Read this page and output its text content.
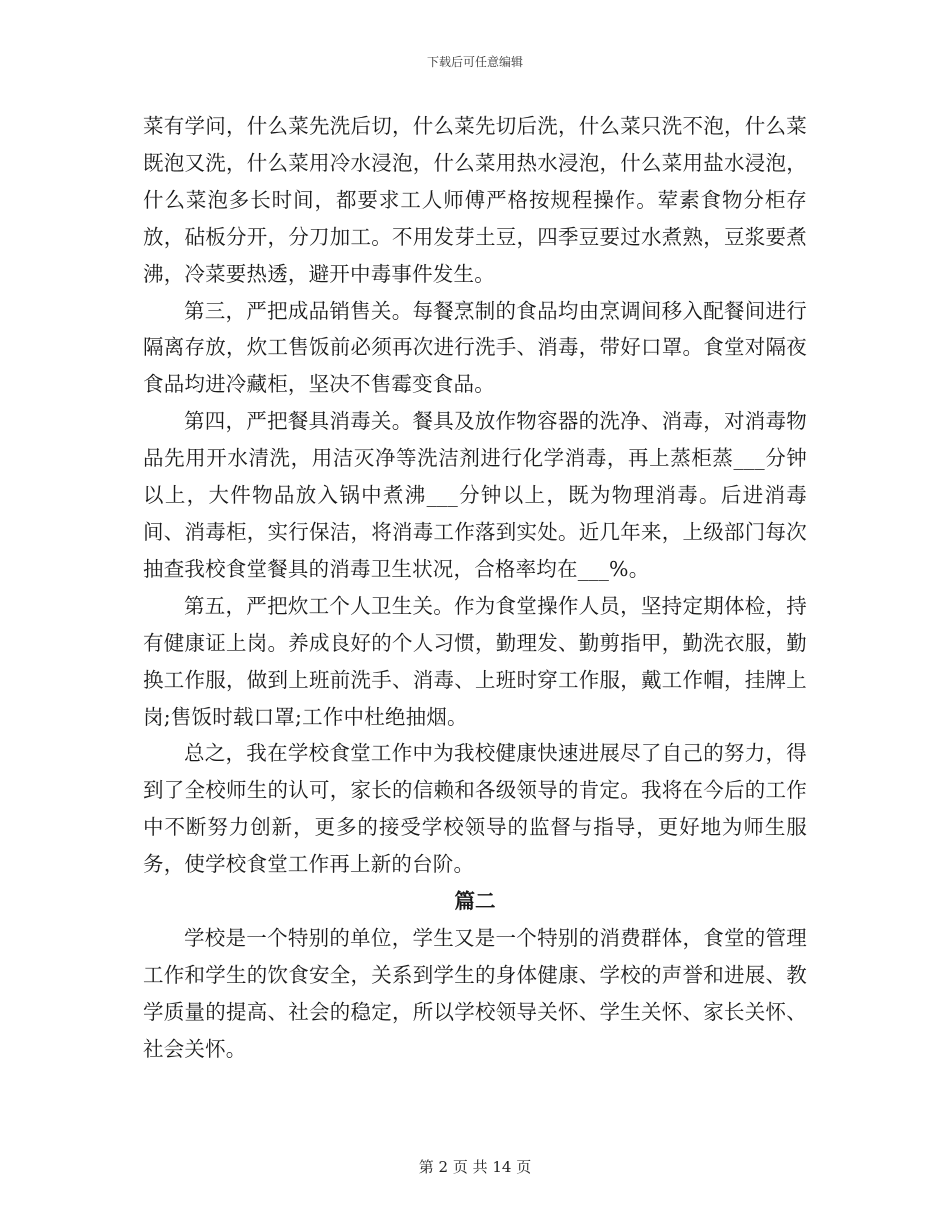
下载后可任意编辑

菜有学问，什么菜先洗后切，什么菜先切后洗，什么菜只洗不泡，什么菜既泡又洗，什么菜用冷水浸泡，什么菜用热水浸泡，什么菜用盐水浸泡，什么菜泡多长时间，都要求工人师傅严格按规程操作。荤素食物分柜存放，砧板分开，分刀加工。不用发芽土豆，四季豆要过水煮熟，豆浆要煮沸，冷菜要热透，避开中毒事件发生。

第三，严把成品销售关。每餐烹制的食品均由烹调间移入配餐间进行隔离存放，炊工售饭前必须再次进行洗手、消毒，带好口罩。食堂对隔夜食品均进冷藏柜，坚决不售霉变食品。

第四，严把餐具消毒关。餐具及放作物容器的洗净、消毒，对消毒物品先用开水清洗，用洁灭净等洗洁剂进行化学消毒，再上蒸柜蒸___分钟以上，大件物品放入锅中煮沸___分钟以上，既为物理消毒。后进消毒间、消毒柜，实行保洁，将消毒工作落到实处。近几年来，上级部门每次抽查我校食堂餐具的消毒卫生状况，合格率均在___%。

第五，严把炊工个人卫生关。作为食堂操作人员，坚持定期体检，持有健康证上岗。养成良好的个人习惯，勤理发、勤剪指甲，勤洗衣服，勤换工作服，做到上班前洗手、消毒、上班时穿工作服，戴工作帽，挂牌上岗;售饭时载口罩;工作中杜绝抽烟。

总之，我在学校食堂工作中为我校健康快速进展尽了自己的努力，得到了全校师生的认可，家长的信赖和各级领导的肯定。我将在今后的工作中不断努力创新，更多的接受学校领导的监督与指导，更好地为师生服务，使学校食堂工作再上新的台阶。

篇二

学校是一个特别的单位，学生又是一个特别的消费群体，食堂的管理工作和学生的饮食安全，关系到学生的身体健康、学校的声誉和进展、教学质量的提高、社会的稳定，所以学校领导关怀、学生关怀、家长关怀、社会关怀。

第 2 页 共 14 页
